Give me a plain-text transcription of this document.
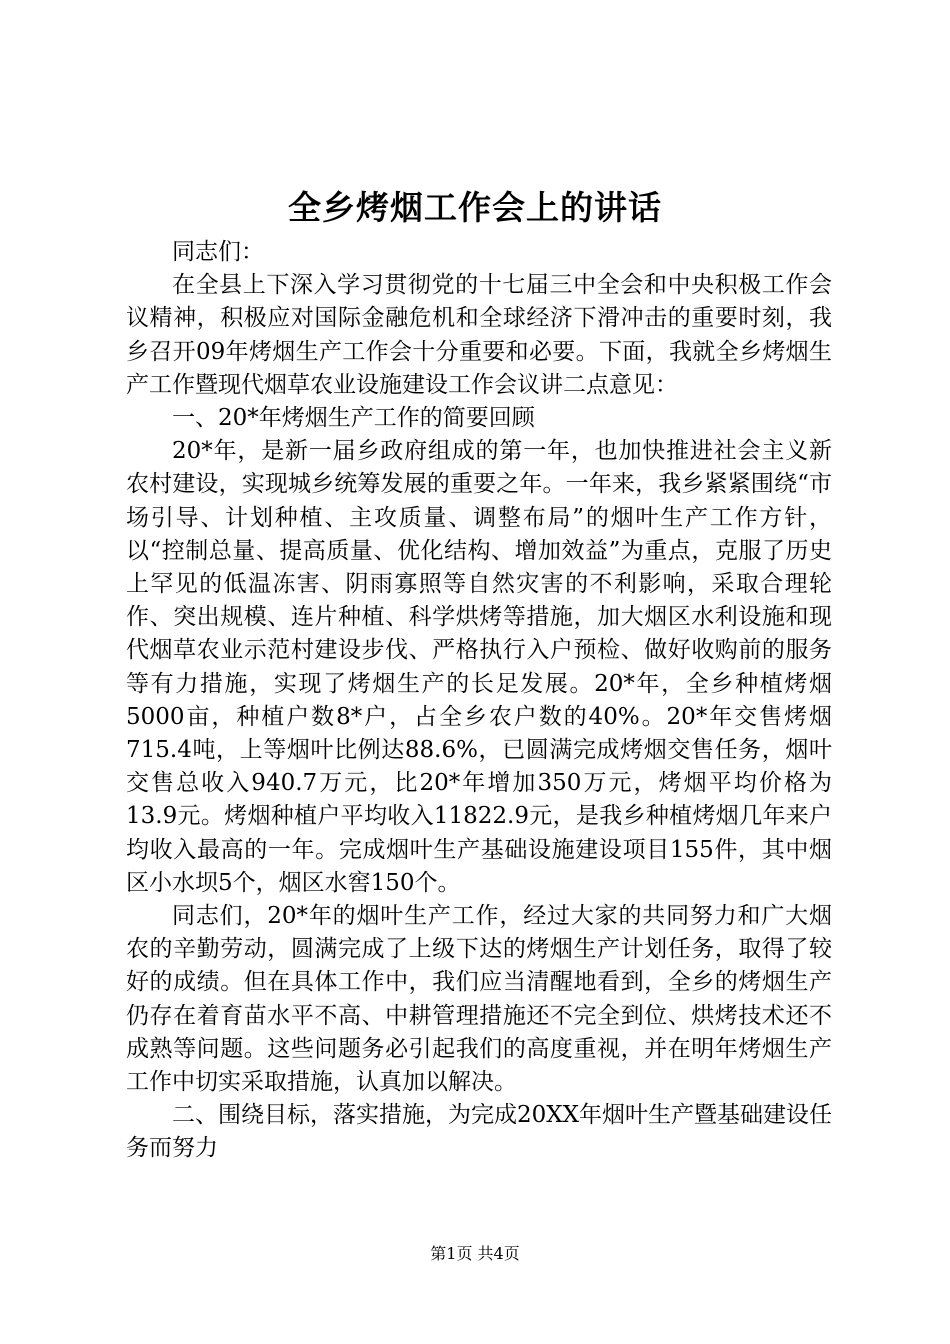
全乡烤烟工作会上的讲话

同志们：

在全县上下深入学习贯彻党的十七届三中全会和中央积极工作会议精神，积极应对国际金融危机和全球经济下滑冲击的重要时刻，我乡召开09年烤烟生产工作会十分重要和必要。下面，我就全乡烤烟生产工作暨现代烟草农业设施建设工作会议讲二点意见：

一、20*年烤烟生产工作的简要回顾

20*年，是新一届乡政府组成的第一年，也加快推进社会主义新农村建设，实现城乡统筹发展的重要之年。一年来，我乡紧紧围绕“市场引导、计划种植、主攻质量、调整布局”的烟叶生产工作方针，以“控制总量、提高质量、优化结构、增加效益”为重点，克服了历史上罕见的低温冻害、阴雨寡照等自然灾害的不利影响，采取合理轮作、突出规模、连片种植、科学烘烤等措施，加大烟区水利设施和现代烟草农业示范村建设步伐、严格执行入户预检、做好收购前的服务等有力措施，实现了烤烟生产的长足发展。20*年，全乡种植烤烟5000亩，种植户数8*户，占全乡农户数的40%。20*年交售烤烟715.4吨，上等烟叶比例达88.6%，已圆满完成烤烟交售任务，烟叶交售总收入940.7万元，比20*年增加350万元，烤烟平均价格为13.9元。烤烟种植户平均收入11822.9元，是我乡种植烤烟几年来户均收入最高的一年。完成烟叶生产基础设施建设项目155件，其中烟区小水坝5个，烟区水窖150个。

同志们，20*年的烟叶生产工作，经过大家的共同努力和广大烟农的辛勤劳动，圆满完成了上级下达的烤烟生产计划任务，取得了较好的成绩。但在具体工作中，我们应当清醒地看到，全乡的烤烟生产仍存在着育苗水平不高、中耕管理措施还不完全到位、烘烤技术还不成熟等问题。这些问题务必引起我们的高度重视，并在明年烤烟生产工作中切实采取措施，认真加以解决。

二、围绕目标，落实措施，为完成20XX年烟叶生产暨基础建设任务而努力

第1页 共4页
